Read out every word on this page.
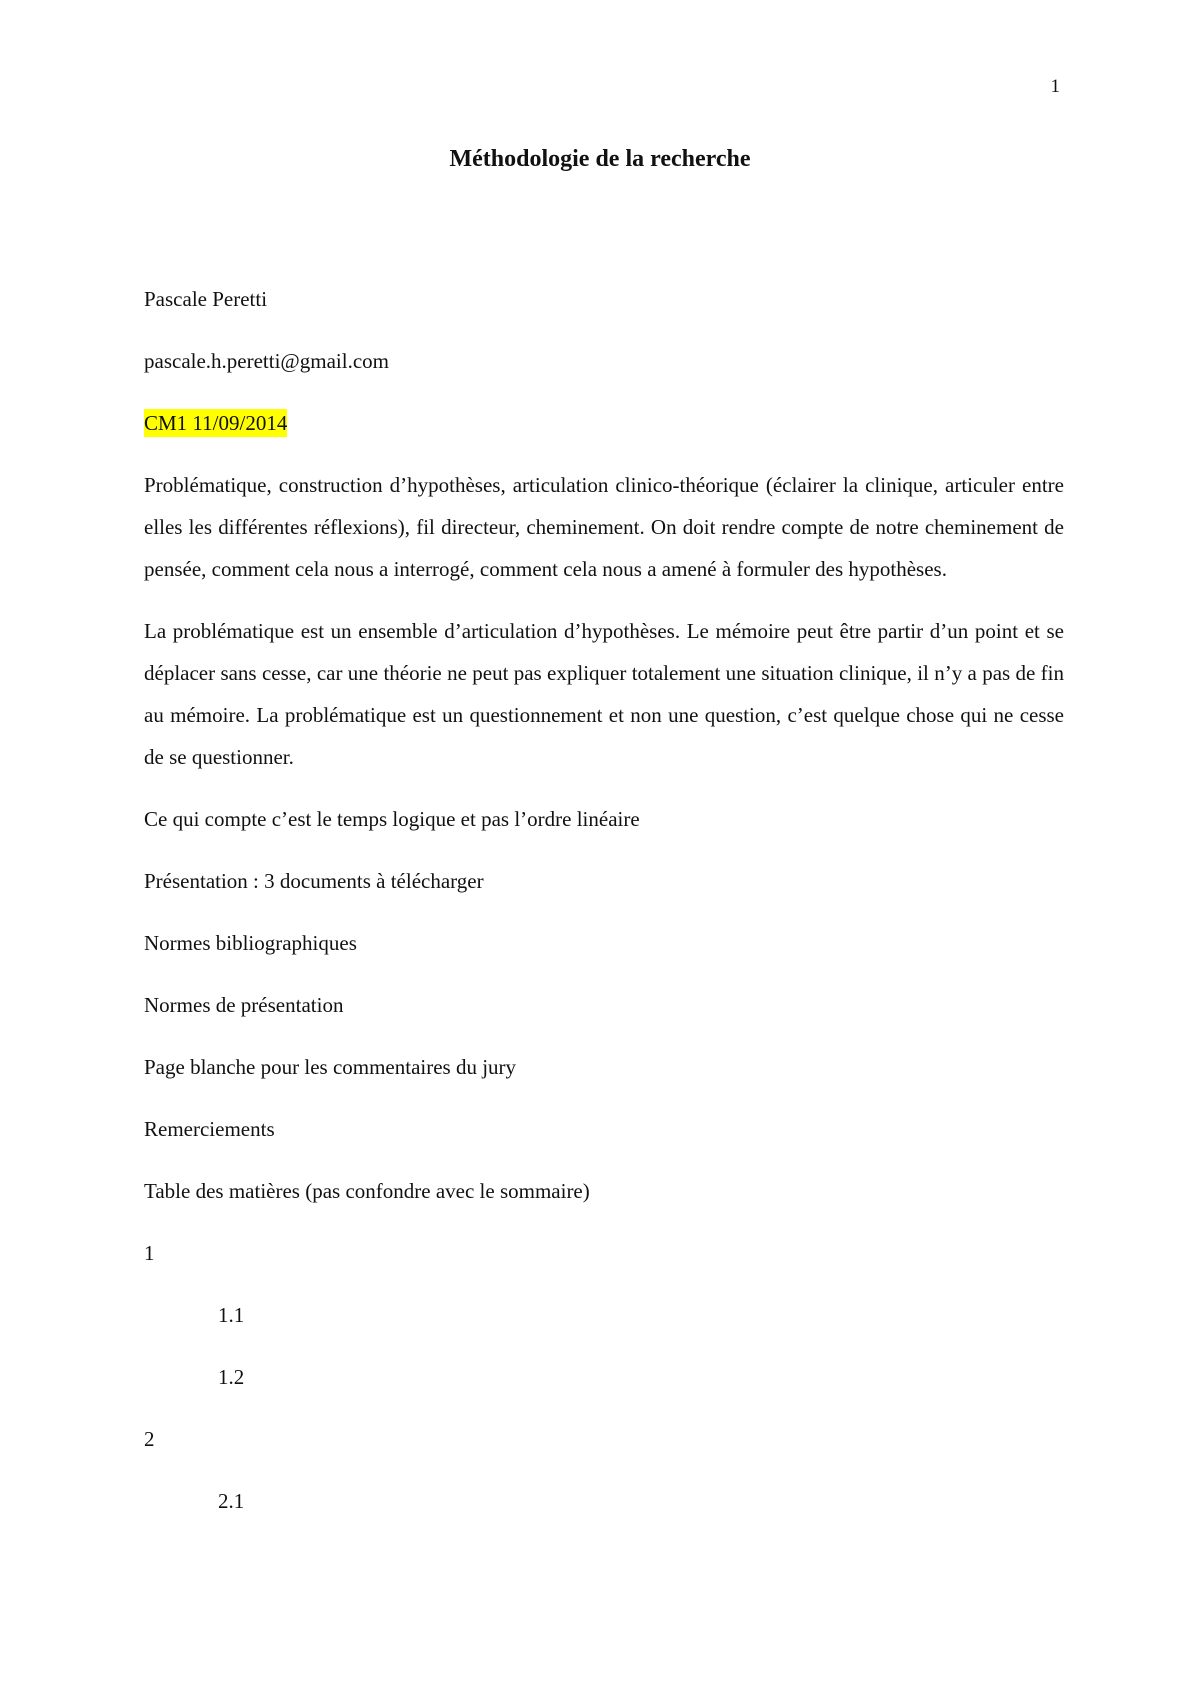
1
Méthodologie de la recherche

Pascale Peretti

pascale.h.peretti@gmail.com

CM1 11/09/2014

Problématique, construction d’hypothèses, articulation clinico-théorique (éclairer la clinique, articuler entre elles les différentes réflexions), fil directeur, cheminement. On doit rendre compte de notre cheminement de pensée, comment cela nous a interrogé, comment cela nous a amené à formuler des hypothèses.

La problématique est un ensemble d’articulation d’hypothèses. Le mémoire peut être partir d’un point et se déplacer sans cesse, car une théorie ne peut pas expliquer totalement une situation clinique, il n’y a pas de fin au mémoire. La problématique est un questionnement et non une question, c’est quelque chose qui ne cesse de se questionner.

Ce qui compte c’est le temps logique et pas l’ordre linéaire

Présentation : 3 documents à télécharger

Normes bibliographiques

Normes de présentation

Page blanche pour les commentaires du jury

Remerciements

Table des matières (pas confondre avec le sommaire)

1

1.1

1.2

2

2.1
